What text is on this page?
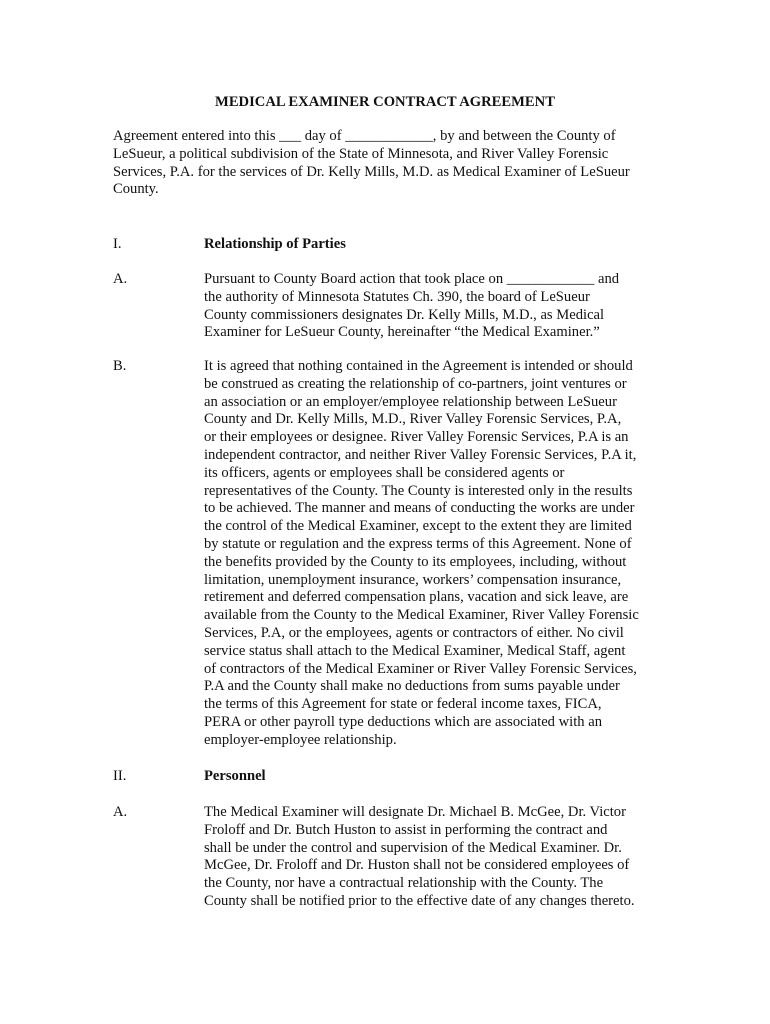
MEDICAL EXAMINER CONTRACT AGREEMENT
Agreement entered into this ___ day of ____________, by and between the County of
LeSueur, a political subdivision of the State of Minnesota, and River Valley Forensic
Services, P.A. for the services of Dr. Kelly Mills, M.D. as Medical Examiner of LeSueur
County.
I.	Relationship of Parties
A.	Pursuant to County Board action that took place on ____________ and
the authority of Minnesota Statutes Ch. 390, the board of LeSueur
County commissioners designates Dr. Kelly Mills, M.D., as Medical
Examiner for LeSueur County, hereinafter “the Medical Examiner.”
B.	It is agreed that nothing contained in the Agreement is intended or should
be construed as creating the relationship of co-partners, joint ventures or
an association or an employer/employee relationship between LeSueur
County and Dr. Kelly Mills, M.D., River Valley Forensic Services, P.A,
or their employees or designee. River Valley Forensic Services, P.A is an
independent contractor, and neither River Valley Forensic Services, P.A it,
its officers, agents or employees shall be considered agents or
representatives of the County. The County is interested only in the results
to be achieved. The manner and means of conducting the works are under
the control of the Medical Examiner, except to the extent they are limited
by statute or regulation and the express terms of this Agreement. None of
the benefits provided by the County to its employees, including, without
limitation, unemployment insurance, workers’ compensation insurance,
retirement and deferred compensation plans, vacation and sick leave, are
available from the County to the Medical Examiner, River Valley Forensic
Services, P.A, or the employees, agents or contractors of either. No civil
service status shall attach to the Medical Examiner, Medical Staff, agent
of contractors of the Medical Examiner or River Valley Forensic Services,
P.A and the County shall make no deductions from sums payable under
the terms of this Agreement for state or federal income taxes, FICA,
PERA or other payroll type deductions which are associated with an
employer-employee relationship.
II.	Personnel
A.	The Medical Examiner will designate Dr. Michael B. McGee, Dr. Victor
Froloff and Dr. Butch Huston to assist in performing the contract and
shall be under the control and supervision of the Medical Examiner. Dr.
McGee, Dr. Froloff and Dr. Huston shall not be considered employees of
the County, nor have a contractual relationship with the County. The
County shall be notified prior to the effective date of any changes thereto.
